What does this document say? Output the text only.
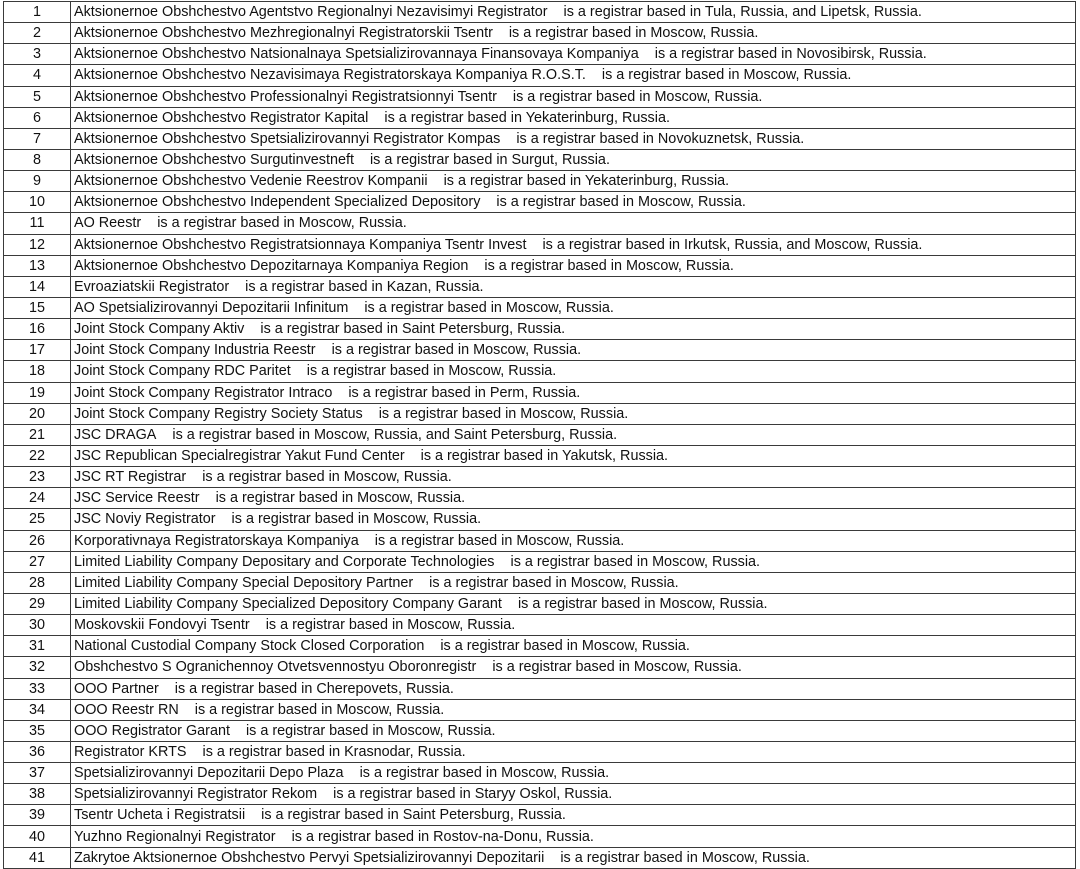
1	Aktsionernoe Obshchestvo Agentstvo Regionalnyi Nezavisimyi Registrator is a registrar based in Tula, Russia, and Lipetsk, Russia.
2	Aktsionernoe Obshchestvo Mezhregionalnyi Registratorskii Tsentr is a registrar based in Moscow, Russia.
3	Aktsionernoe Obshchestvo Natsionalnaya Spetsializirovannaya Finansovaya Kompaniya is a registrar based in Novosibirsk, Russia.
4	Aktsionernoe Obshchestvo Nezavisimaya Registratorskaya Kompaniya R.O.S.T. is a registrar based in Moscow, Russia.
5	Aktsionernoe Obshchestvo Professionalnyi Registratsionnyi Tsentr is a registrar based in Moscow, Russia.
6	Aktsionernoe Obshchestvo Registrator Kapital is a registrar based in Yekaterinburg, Russia.
7	Aktsionernoe Obshchestvo Spetsializirovannyi Registrator Kompas is a registrar based in Novokuznetsk, Russia.
8	Aktsionernoe Obshchestvo Surgutinvestneft is a registrar based in Surgut, Russia.
9	Aktsionernoe Obshchestvo Vedenie Reestrov Kompanii is a registrar based in Yekaterinburg, Russia.
10	Aktsionernoe Obshchestvo Independent Specialized Depository is a registrar based in Moscow, Russia.
11	AO Reestr is a registrar based in Moscow, Russia.
12	Aktsionernoe Obshchestvo Registratsionnaya Kompaniya Tsentr Invest is a registrar based in Irkutsk, Russia, and Moscow, Russia.
13	Aktsionernoe Obshchestvo Depozitarnaya Kompaniya Region is a registrar based in Moscow, Russia.
14	Evroaziatskii Registrator is a registrar based in Kazan, Russia.
15	AO Spetsializirovannyi Depozitarii Infinitum is a registrar based in Moscow, Russia.
16	Joint Stock Company Aktiv is a registrar based in Saint Petersburg, Russia.
17	Joint Stock Company Industria Reestr is a registrar based in Moscow, Russia.
18	Joint Stock Company RDC Paritet is a registrar based in Moscow, Russia.
19	Joint Stock Company Registrator Intraco is a registrar based in Perm, Russia.
20	Joint Stock Company Registry Society Status is a registrar based in Moscow, Russia.
21	JSC DRAGA is a registrar based in Moscow, Russia, and Saint Petersburg, Russia.
22	JSC Republican Specialregistrar Yakut Fund Center is a registrar based in Yakutsk, Russia.
23	JSC RT Registrar is a registrar based in Moscow, Russia.
24	JSC Service Reestr is a registrar based in Moscow, Russia.
25	JSC Noviy Registrator is a registrar based in Moscow, Russia.
26	Korporativnaya Registratorskaya Kompaniya is a registrar based in Moscow, Russia.
27	Limited Liability Company Depositary and Corporate Technologies is a registrar based in Moscow, Russia.
28	Limited Liability Company Special Depository Partner is a registrar based in Moscow, Russia.
29	Limited Liability Company Specialized Depository Company Garant is a registrar based in Moscow, Russia.
30	Moskovskii Fondovyi Tsentr is a registrar based in Moscow, Russia.
31	National Custodial Company Stock Closed Corporation is a registrar based in Moscow, Russia.
32	Obshchestvo S Ogranichennoy Otvetsvennostyu Oboronregistr is a registrar based in Moscow, Russia.
33	OOO Partner is a registrar based in Cherepovets, Russia.
34	OOO Reestr RN is a registrar based in Moscow, Russia.
35	OOO Registrator Garant is a registrar based in Moscow, Russia.
36	Registrator KRTS is a registrar based in Krasnodar, Russia.
37	Spetsializirovannyi Depozitarii Depo Plaza is a registrar based in Moscow, Russia.
38	Spetsializirovannyi Registrator Rekom is a registrar based in Staryy Oskol, Russia.
39	Tsentr Ucheta i Registratsii is a registrar based in Saint Petersburg, Russia.
40	Yuzhno Regionalnyi Registrator is a registrar based in Rostov-na-Donu, Russia.
41	Zakrytoe Aktsionernoe Obshchestvo Pervyi Spetsializirovannyi Depozitarii is a registrar based in Moscow, Russia.
